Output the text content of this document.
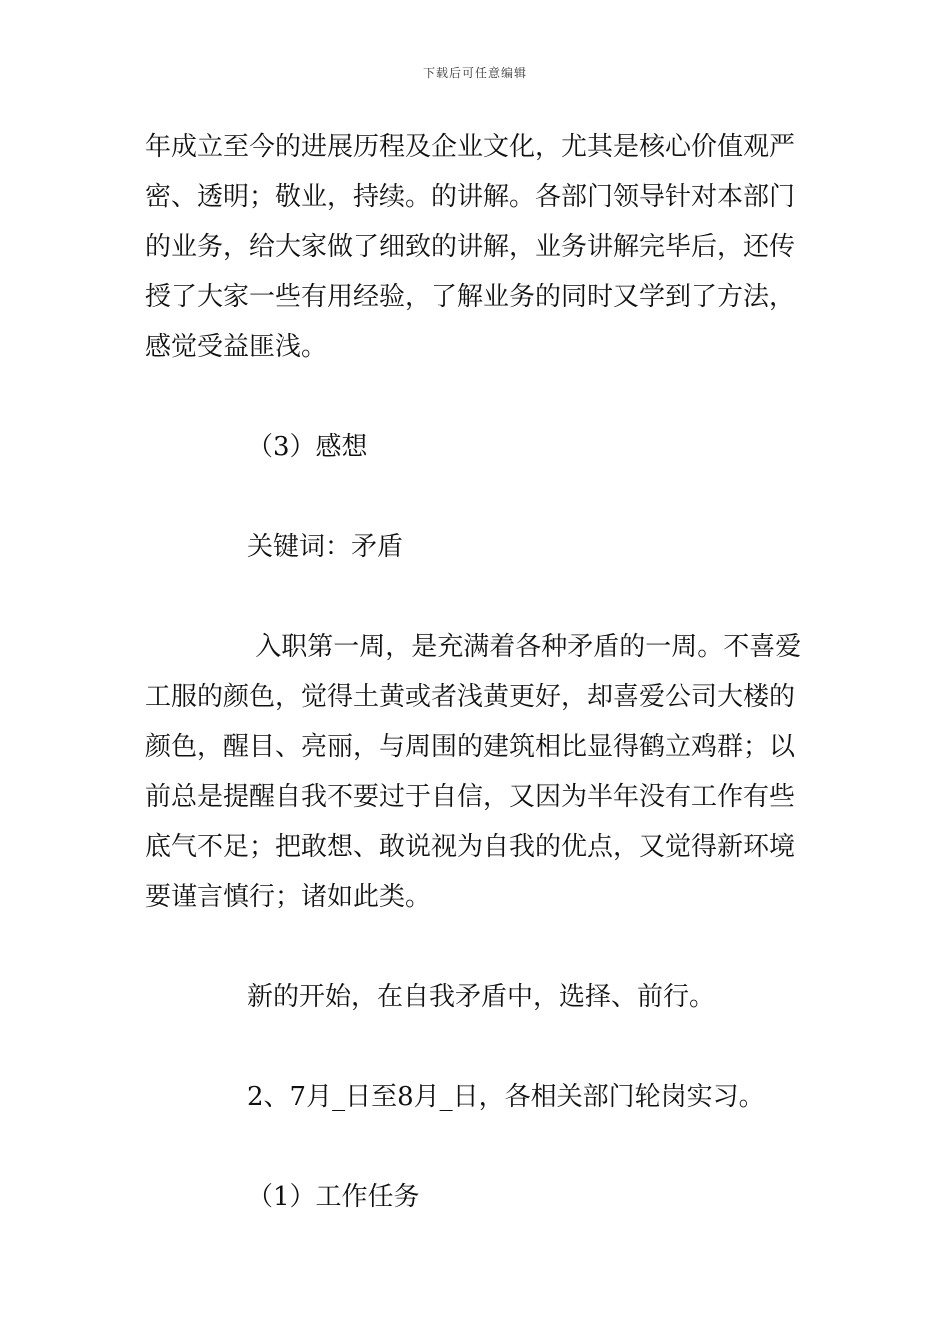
下载后可任意编辑

年成立至今的进展历程及企业文化，尤其是核心价值观严

密、透明；敬业，持续。的讲解。各部门领导针对本部门

的业务，给大家做了细致的讲解，业务讲解完毕后，还传

授了大家一些有用经验，了解业务的同时又学到了方法，

感觉受益匪浅。

（3）感想

关键词：矛盾

入职第一周，是充满着各种矛盾的一周。不喜爱

工服的颜色，觉得土黄或者浅黄更好，却喜爱公司大楼的

颜色，醒目、亮丽，与周围的建筑相比显得鹤立鸡群；以

前总是提醒自我不要过于自信，又因为半年没有工作有些

底气不足；把敢想、敢说视为自我的优点，又觉得新环境

要谨言慎行；诸如此类。

新的开始，在自我矛盾中，选择、前行。

2、7月_日至8月_日，各相关部门轮岗实习。

（1）工作任务
